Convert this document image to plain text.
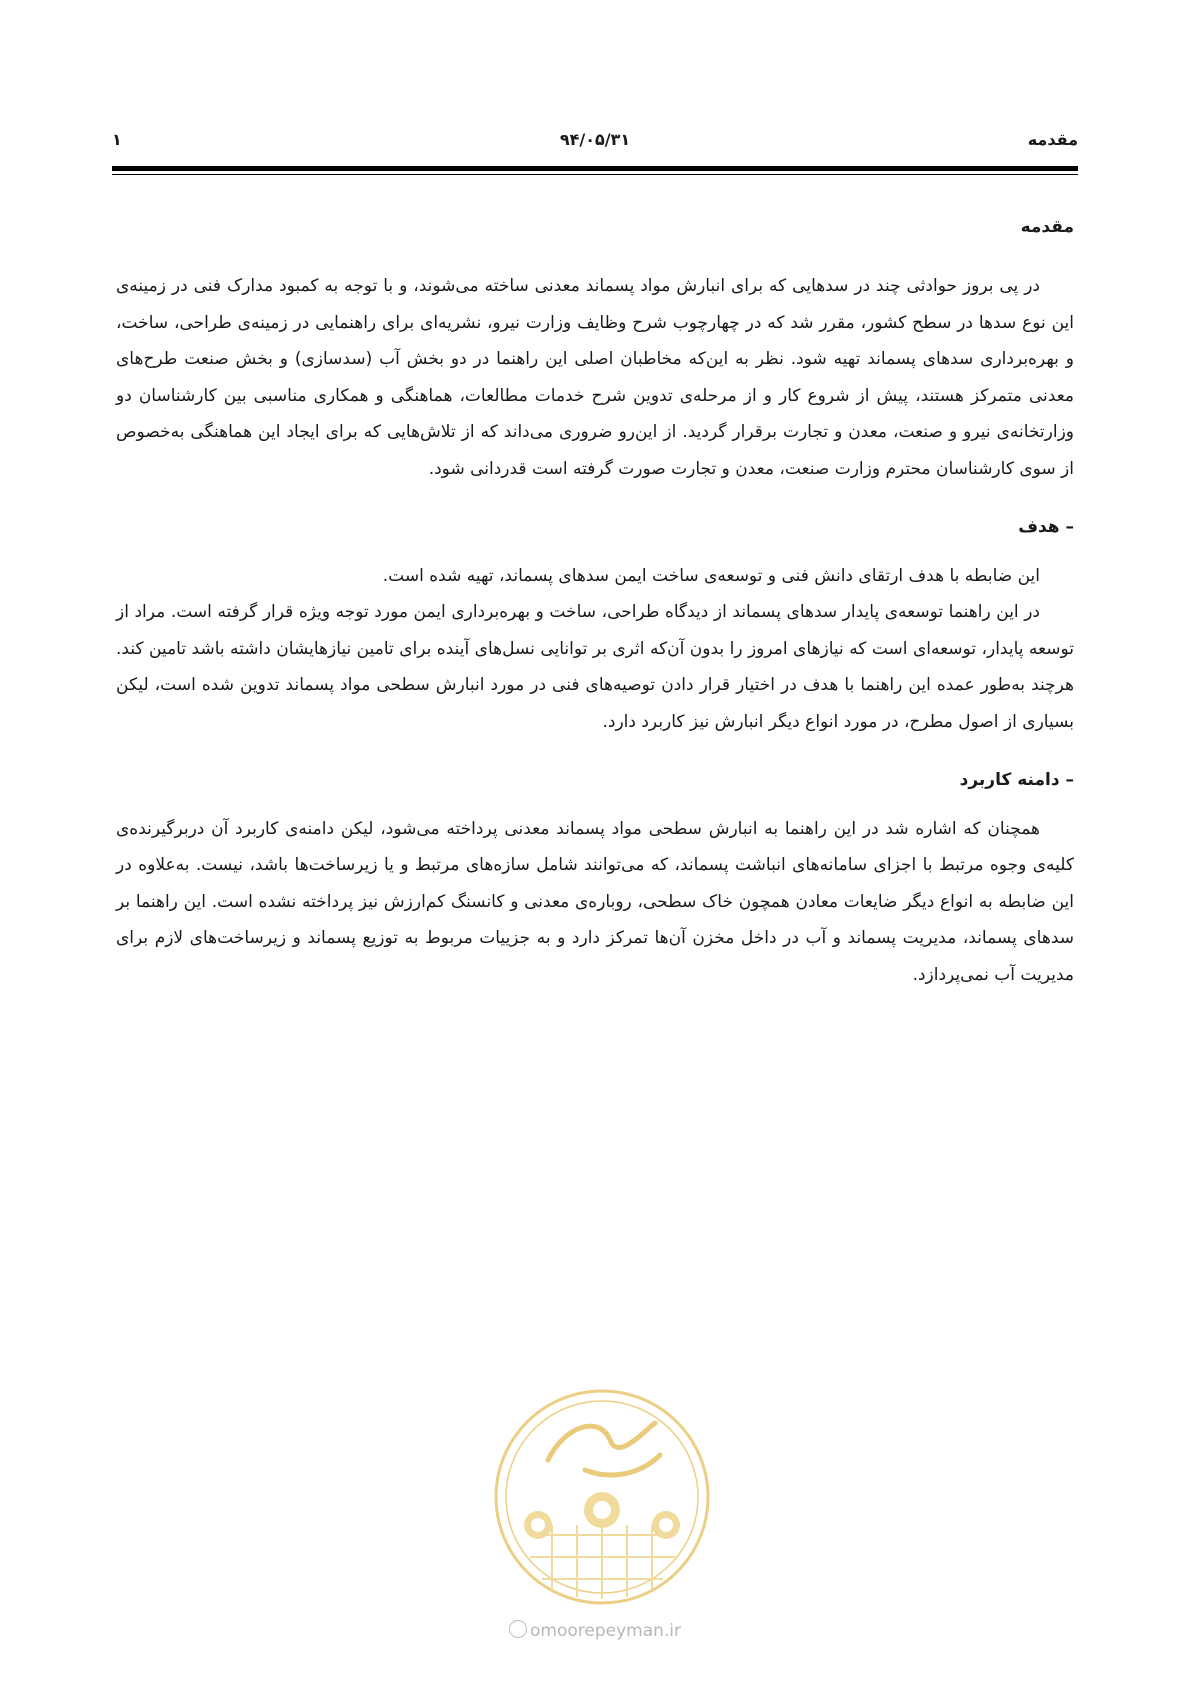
مقدمه
۹۴/۰۵/۳۱
۱
مقدمه

در پی بروز حوادثی چند در سدهایی که برای انبارش مواد پسماند معدنی ساخته می‌شوند، و با توجه به کمبود مدارک فنی در زمینه‌ی این نوع سدها در سطح کشور، مقرر شد که در چهارچوب شرح وظایف وزارت نیرو، نشریه‌ای برای راهنمایی در زمینه‌ی طراحی، ساخت، و بهره‌برداری سدهای پسماند تهیه شود. نظر به این‌که مخاطبان اصلی این راهنما در دو بخش آب (سدسازی) و بخش صنعت طرح‌های معدنی متمرکز هستند، پیش از شروع کار و از مرحله‌ی تدوین شرح خدمات مطالعات، هماهنگی و همکاری مناسبی بین کارشناسان دو وزارتخانه‌ی نیرو و صنعت، معدن و تجارت برقرار گردید. از این‌رو ضروری می‌داند که از تلاش‌هایی که برای ایجاد این هماهنگی به‌خصوص از سوی کارشناسان محترم وزارت صنعت، معدن و تجارت صورت گرفته است قدردانی شود.

– هدف

این ضابطه با هدف ارتقای دانش فنی و توسعه‌ی ساخت ایمن سدهای پسماند، تهیه شده است.

در این راهنما توسعه‌ی پایدار سدهای پسماند از دیدگاه طراحی، ساخت و بهره‌برداری ایمن مورد توجه ویژه قرار گرفته است. مراد از توسعه پایدار، توسعه‌ای است که نیازهای امروز را بدون آن‌که اثری بر توانایی نسل‌های آینده برای تامین نیازهایشان داشته باشد تامین کند. هرچند به‌طور عمده این راهنما با هدف در اختیار قرار دادن توصیه‌های فنی در مورد انبارش سطحی مواد پسماند تدوین شده است، لیکن بسیاری از اصول مطرح، در مورد انواع دیگر انبارش نیز کاربرد دارد.

– دامنه کاربرد

همچنان که اشاره شد در این راهنما به انبارش سطحی مواد پسماند معدنی پرداخته می‌شود، لیکن دامنه‌ی کاربرد آن دربرگیرنده‌ی کلیه‌ی وجوه مرتبط با اجزای سامانه‌های انباشت پسماند، که می‌توانند شامل سازه‌های مرتبط و یا زیرساخت‌ها باشد، نیست. به‌علاوه در این ضابطه به انواع دیگر ضایعات معادن همچون خاک سطحی، روباره‌ی معدنی و کانسنگ کم‌ارزش نیز پرداخته نشده است. این راهنما بر سدهای پسماند، مدیریت پسماند و آب در داخل مخزن آن‌ها تمرکز دارد و به جزییات مربوط به توزیع پسماند و زیرساخت‌های لازم برای مدیریت آب نمی‌پردازد.

omoorepeyman.ir
